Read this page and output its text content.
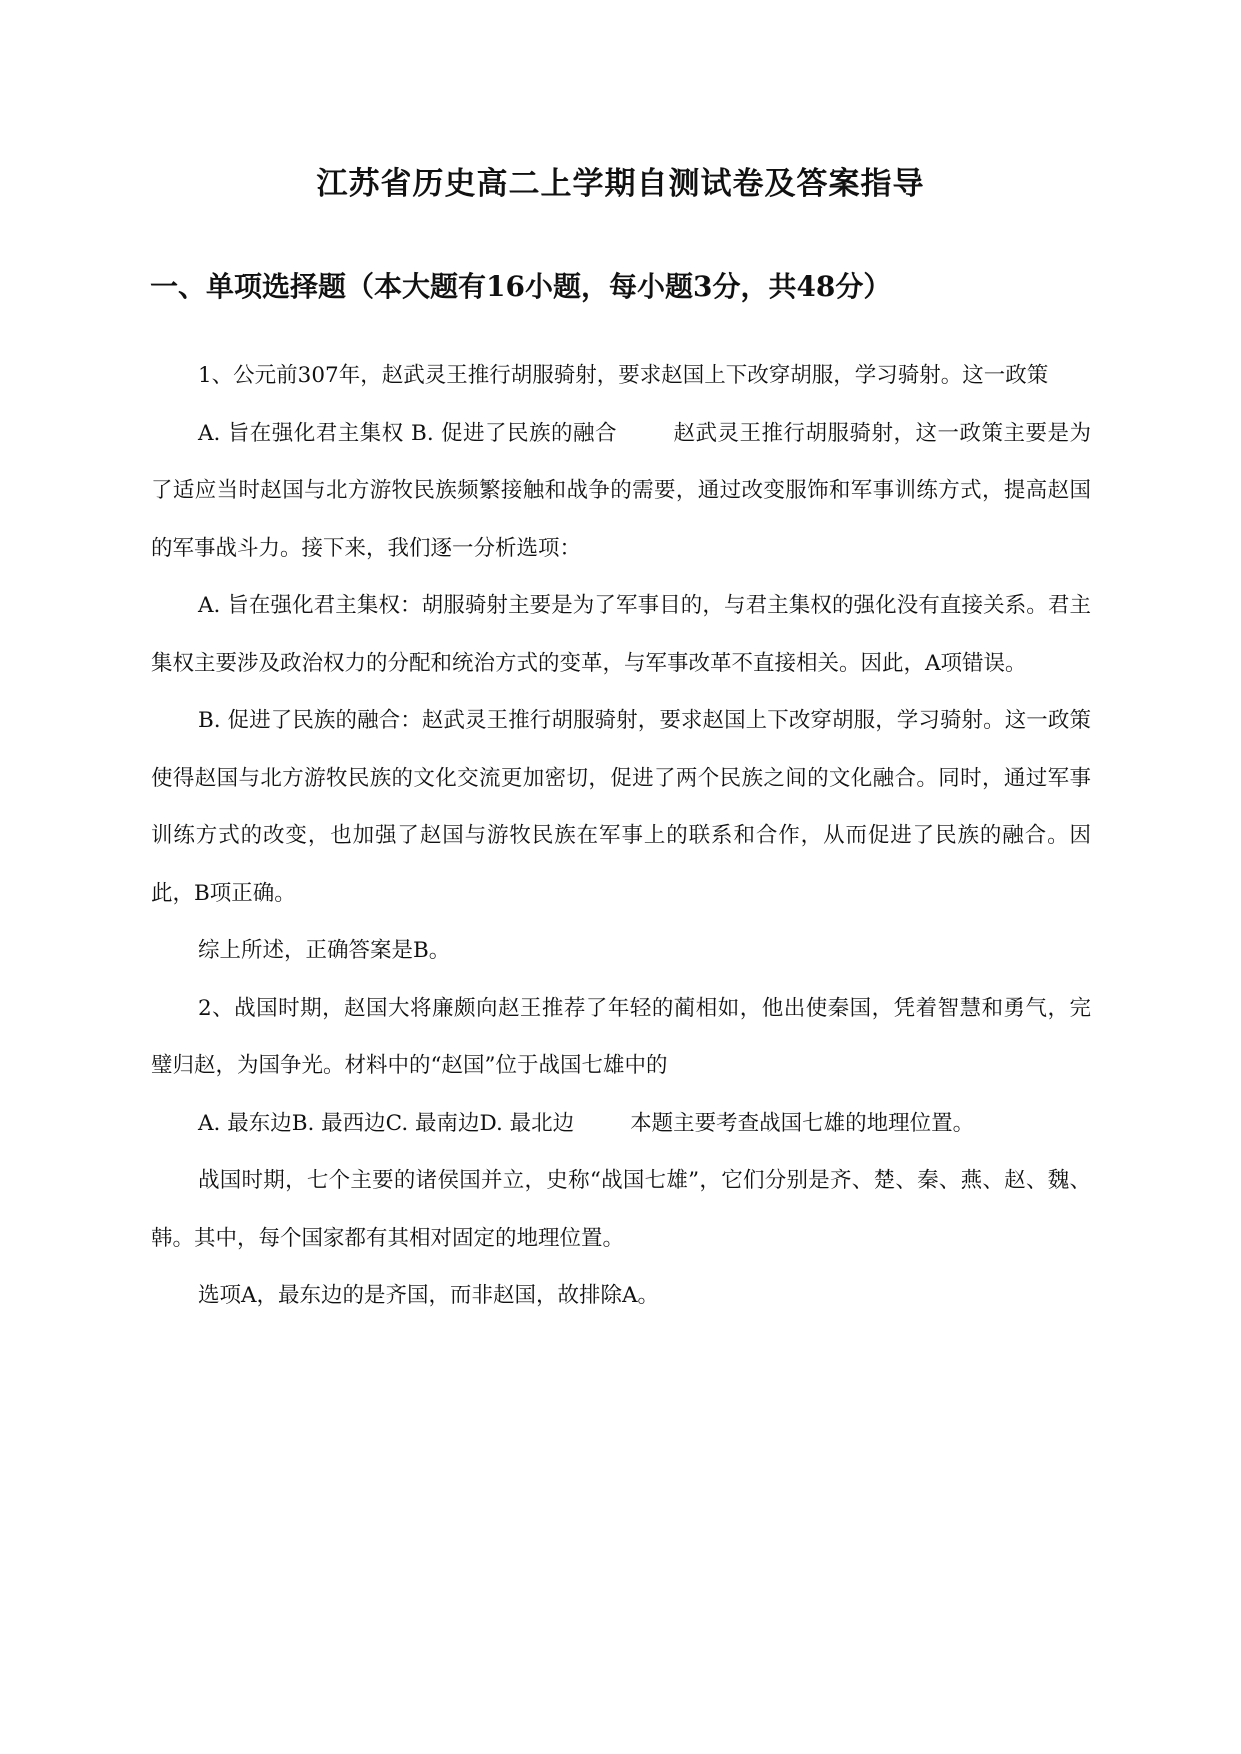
江苏省历史高二上学期自测试卷及答案指导
一、单项选择题（本大题有16小题，每小题3分，共48分）

1、公元前307年，赵武灵王推行胡服骑射，要求赵国上下改穿胡服，学习骑射。这一政策

A. 旨在强化君主集权 B. 促进了民族的融合	赵武灵王推行胡服骑射，这一政策主要是为了适应当时赵国与北方游牧民族频繁接触和战争的需要，通过改变服饰和军事训练方式，提高赵国的军事战斗力。接下来，我们逐一分析选项：

A. 旨在强化君主集权：胡服骑射主要是为了军事目的，与君主集权的强化没有直接关系。君主集权主要涉及政治权力的分配和统治方式的变革，与军事改革不直接相关。因此，A项错误。

B. 促进了民族的融合：赵武灵王推行胡服骑射，要求赵国上下改穿胡服，学习骑射。这一政策使得赵国与北方游牧民族的文化交流更加密切，促进了两个民族之间的文化融合。同时，通过军事训练方式的改变，也加强了赵国与游牧民族在军事上的联系和合作，从而促进了民族的融合。因此，B项正确。

综上所述，正确答案是B。

2、战国时期，赵国大将廉颇向赵王推荐了年轻的蔺相如，他出使秦国，凭着智慧和勇气，完璧归赵，为国争光。材料中的“赵国”位于战国七雄中的

A. 最东边B. 最西边C. 最南边D. 最北边	本题主要考查战国七雄的地理位置。

战国时期，七个主要的诸侯国并立，史称“战国七雄”，它们分别是齐、楚、秦、燕、赵、魏、韩。其中，每个国家都有其相对固定的地理位置。

选项A，最东边的是齐国，而非赵国，故排除A。
